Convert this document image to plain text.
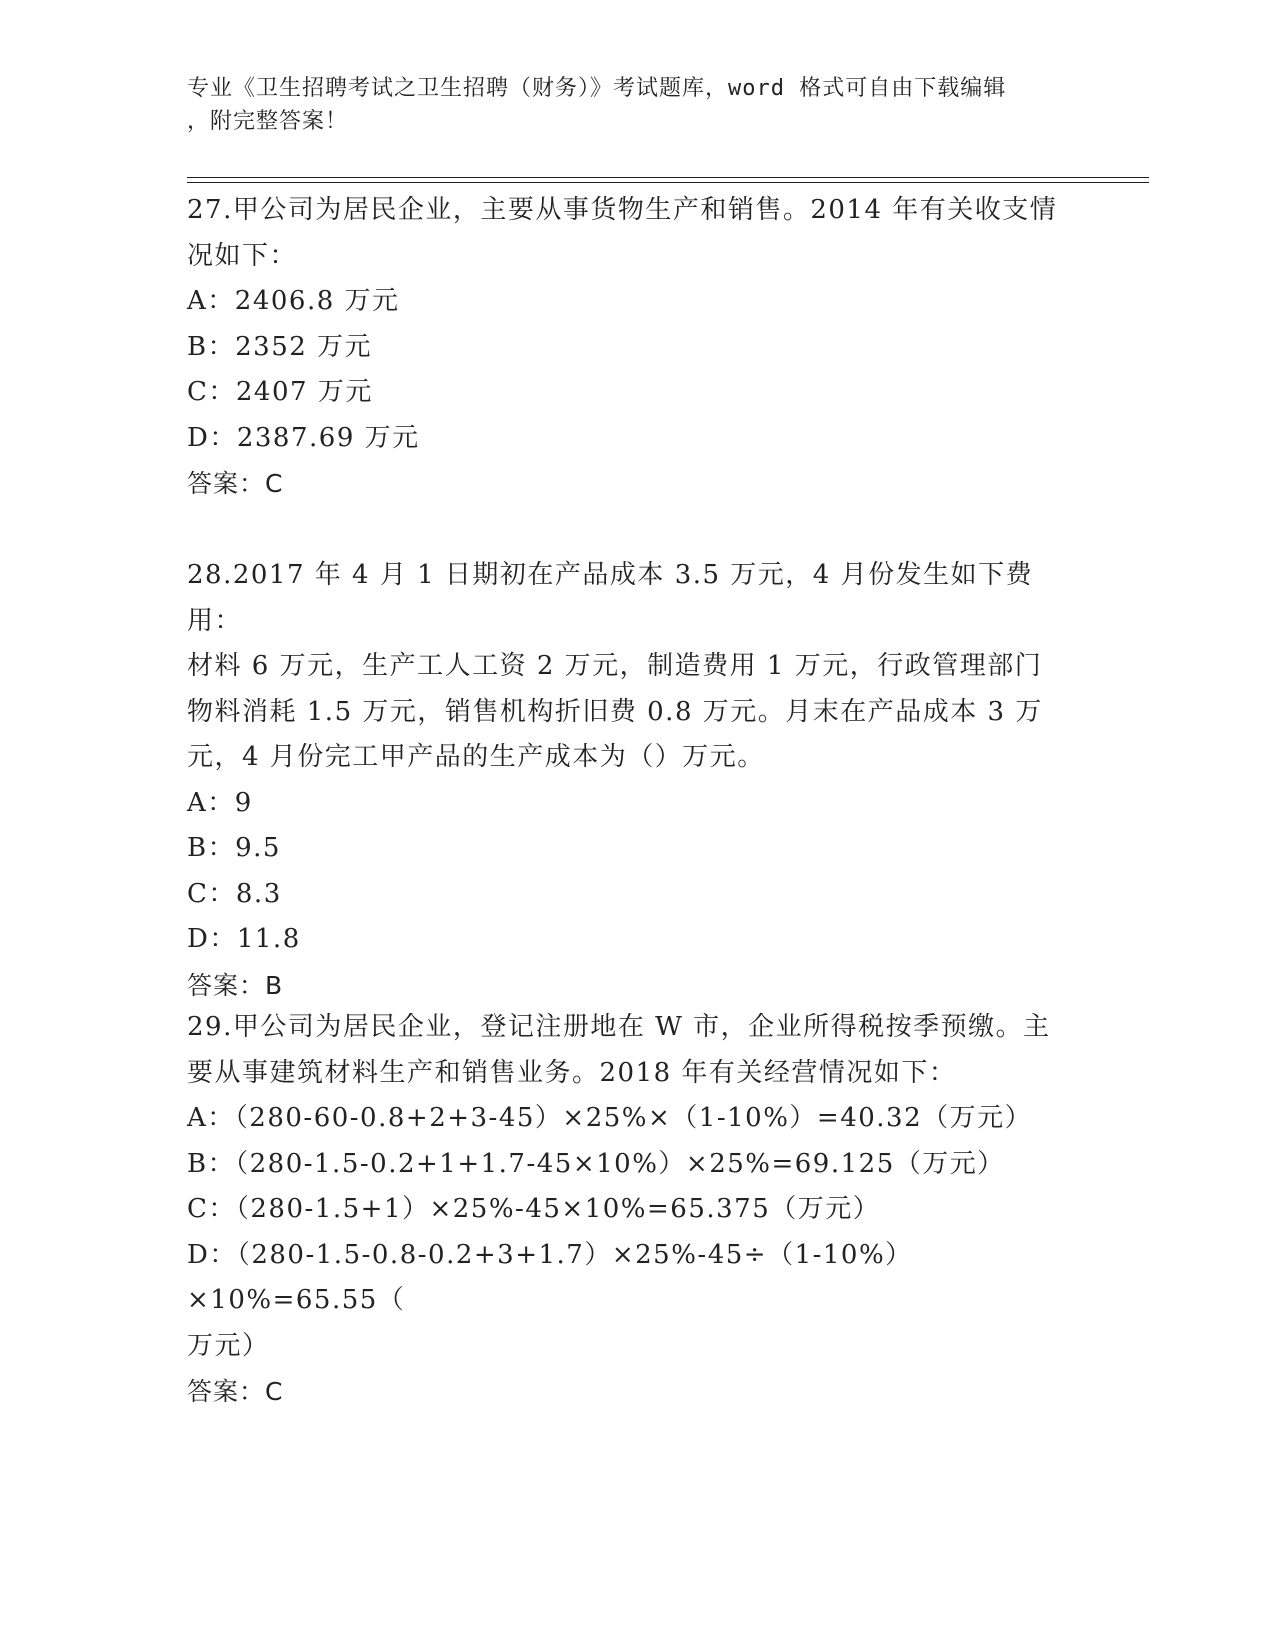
专业《卫生招聘考试之卫生招聘（财务）》考试题库，word 格式可自由下载编辑

，附完整答案！

27.甲公司为居民企业，主要从事货物生产和销售。2014 年有关收支情

况如下：

A：2406.8 万元

B：2352 万元

C：2407 万元

D：2387.69 万元

答案：C

28.2017 年 4 月 1 日期初在产品成本 3.5 万元，4 月份发生如下费用：

材料 6 万元，生产工人工资 2 万元，制造费用 1 万元，行政管理部门

物料消耗 1.5 万元，销售机构折旧费 0.8 万元。月末在产品成本 3 万

元，4 月份完工甲产品的生产成本为（）万元。

A：9

B：9.5

C：8.3

D：11.8

答案：B

29.甲公司为居民企业，登记注册地在 W 市，企业所得税按季预缴。主

要从事建筑材料生产和销售业务。2018 年有关经营情况如下：

A：（280-60-0.8+2+3-45）×25%×（1-10%）=40.32（万元）

B：（280-1.5-0.2+1+1.7-45×10%）×25%=69.125（万元）

C：（280-1.5+1）×25%-45×10%=65.375（万元）

D：（280-1.5-0.8-0.2+3+1.7）×25%-45÷（1-10%）×10%=65.55（

万元）

答案：C
